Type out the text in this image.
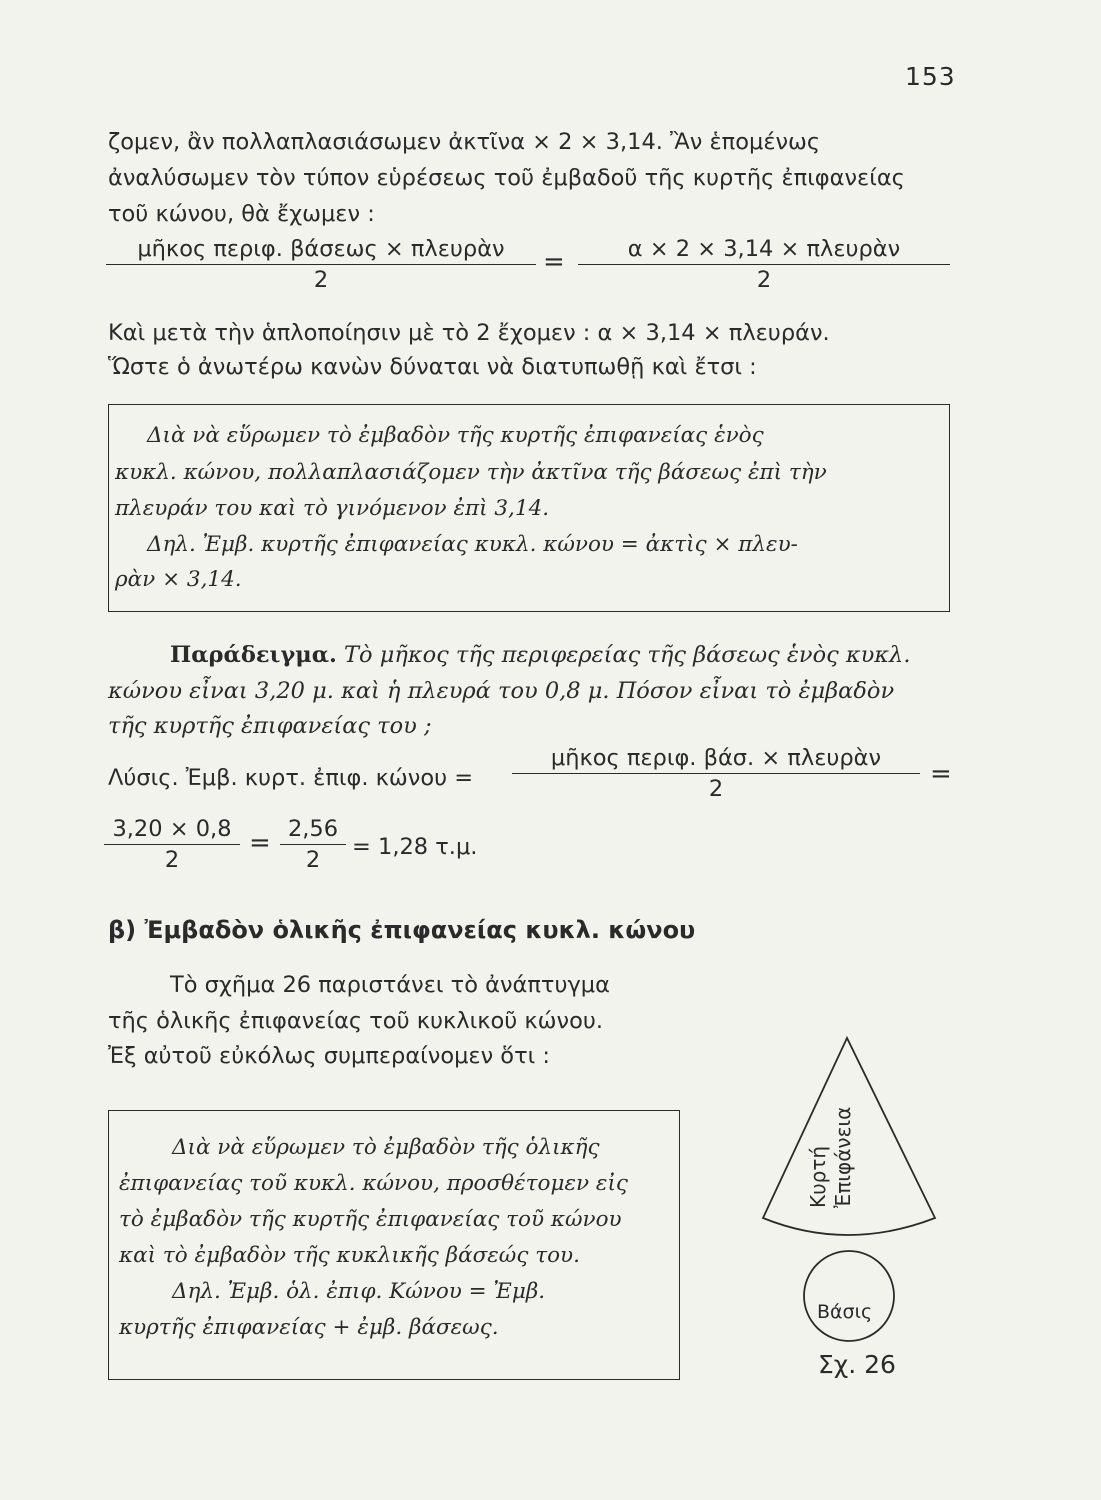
153
ζομεν, ἂν πολλαπλασιάσωμεν ἀκτῖνα × 2 × 3,14. Ἂν ἑπομένως
ἀναλύσωμεν τὸν τύπον εὑρέσεως τοῦ ἐμβαδοῦ τῆς κυρτῆς ἐπιφανείας
τοῦ κώνου, θὰ ἔχωμεν :
μῆκος περιφ. βάσεως × πλευρὰν
2
=	α × 2 × 3,14 × πλευρὰν
2
Καὶ μετὰ τὴν ἁπλοποίησιν μὲ τὸ 2 ἔχομεν : α × 3,14 × πλευράν.
Ὥστε ὁ ἀνωτέρω κανὼν δύναται νὰ διατυπωθῇ καὶ ἔτσι :
Διὰ νὰ εὕρωμεν τὸ ἐμβαδὸν τῆς κυρτῆς ἐπιφανείας ἑνὸς
κυκλ. κώνου, πολλαπλασιάζομεν τὴν ἀκτῖνα τῆς βάσεως ἐπὶ τὴν
πλευράν του καὶ τὸ γινόμενον ἐπὶ 3,14.
Δηλ. Ἐμβ. κυρτῆς ἐπιφανείας κυκλ. κώνου = ἀκτὶς × πλευ-
ρὰν × 3,14.
Παράδειγμα. Τὸ μῆκος τῆς περιφερείας τῆς βάσεως ἑνὸς κυκλ.
κώνου εἶναι 3,20 μ. καὶ ἡ πλευρά του 0,8 μ. Πόσον εἶναι τὸ ἐμβαδὸν
τῆς κυρτῆς ἐπιφανείας του ;
Λύσις. Ἐμβ. κυρτ. ἐπιφ. κώνου =
μῆκος περιφ. βάσ. × πλευρὰν
2	=
$\frac{3,20 \times 0,8}{2} = \frac{2,56}{2} = 1,28$ τ.μ.
β) Ἐμβαδὸν ὁλικῆς ἐπιφανείας κυκλ. κώνου
Τὸ σχῆμα 26 παριστάνει τὸ ἀνάπτυγμα
τῆς ὁλικῆς ἐπιφανείας τοῦ κυκλικοῦ κώνου.
Ἐξ αὐτοῦ εὐκόλως συμπεραίνομεν ὅτι :
Διὰ νὰ εὕρωμεν τὸ ἐμβαδὸν τῆς ὁλικῆς
ἐπιφανείας τοῦ κυκλ. κώνου, προσθέτομεν εἰς
τὸ ἐμβαδὸν τῆς κυρτῆς ἐπιφανείας τοῦ κώνου
καὶ τὸ ἐμβαδὸν τῆς κυκλικῆς βάσεώς του.
Δηλ. Ἐμβ. ὁλ. ἐπιφ. Κώνου = Ἐμβ.
κυρτῆς ἐπιφανείας + ἐμβ. βάσεως.
Κυρτή Ἐπιφάνεια
Βάσις
Σχ. 26
